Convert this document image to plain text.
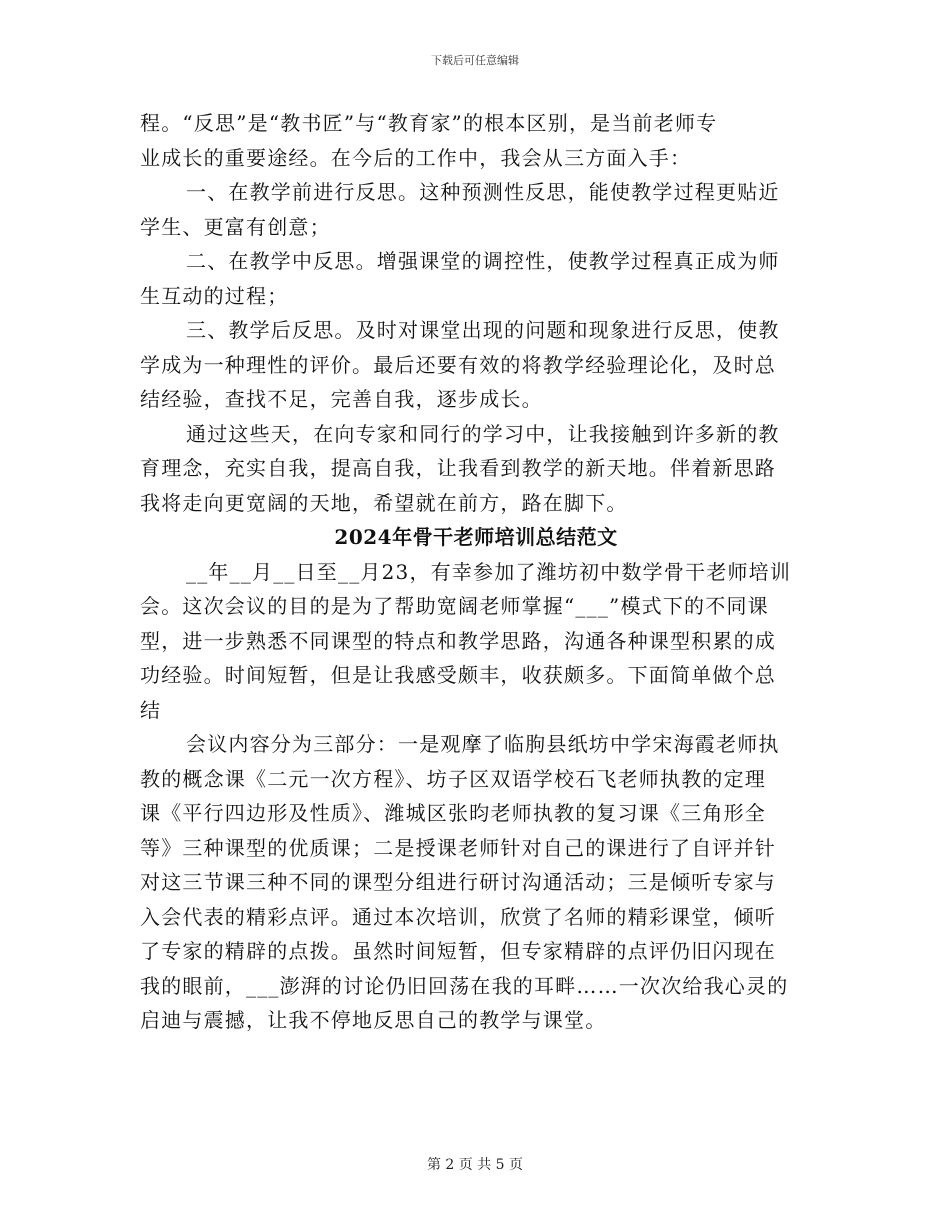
下载后可任意编辑

程。“反思”是“教书匠”与“教育家”的根本区别，是当前老师专
业成长的重要途经。在今后的工作中，我会从三方面入手：

一、在教学前进行反思。这种预测性反思，能使教学过程更贴近
学生、更富有创意；

二、在教学中反思。增强课堂的调控性，使教学过程真正成为师
生互动的过程；

三、教学后反思。及时对课堂出现的问题和现象进行反思，使教
学成为一种理性的评价。最后还要有效的将教学经验理论化，及时总
结经验，查找不足，完善自我，逐步成长。

通过这些天，在向专家和同行的学习中，让我接触到许多新的教
育理念，充实自我，提高自我，让我看到教学的新天地。伴着新思路
我将走向更宽阔的天地，希望就在前方，路在脚下。

2024年骨干老师培训总结范文

__年__月__日至__月23，有幸参加了潍坊初中数学骨干老师培训
会。这次会议的目的是为了帮助宽阔老师掌握“___”模式下的不同课
型，进一步熟悉不同课型的特点和教学思路，沟通各种课型积累的成
功经验。时间短暂，但是让我感受颇丰，收获颇多。下面简单做个总
结

会议内容分为三部分：一是观摩了临朐县纸坊中学宋海霞老师执
教的概念课《二元一次方程》、坊子区双语学校石飞老师执教的定理
课《平行四边形及性质》、潍城区张昀老师执教的复习课《三角形全
等》三种课型的优质课；二是授课老师针对自己的课进行了自评并针
对这三节课三种不同的课型分组进行研讨沟通活动；三是倾听专家与
入会代表的精彩点评。通过本次培训，欣赏了名师的精彩课堂，倾听
了专家的精辟的点拨。虽然时间短暂，但专家精辟的点评仍旧闪现在
我的眼前，___澎湃的讨论仍旧回荡在我的耳畔……一次次给我心灵的
启迪与震撼，让我不停地反思自己的教学与课堂。

第 2 页 共 5 页
